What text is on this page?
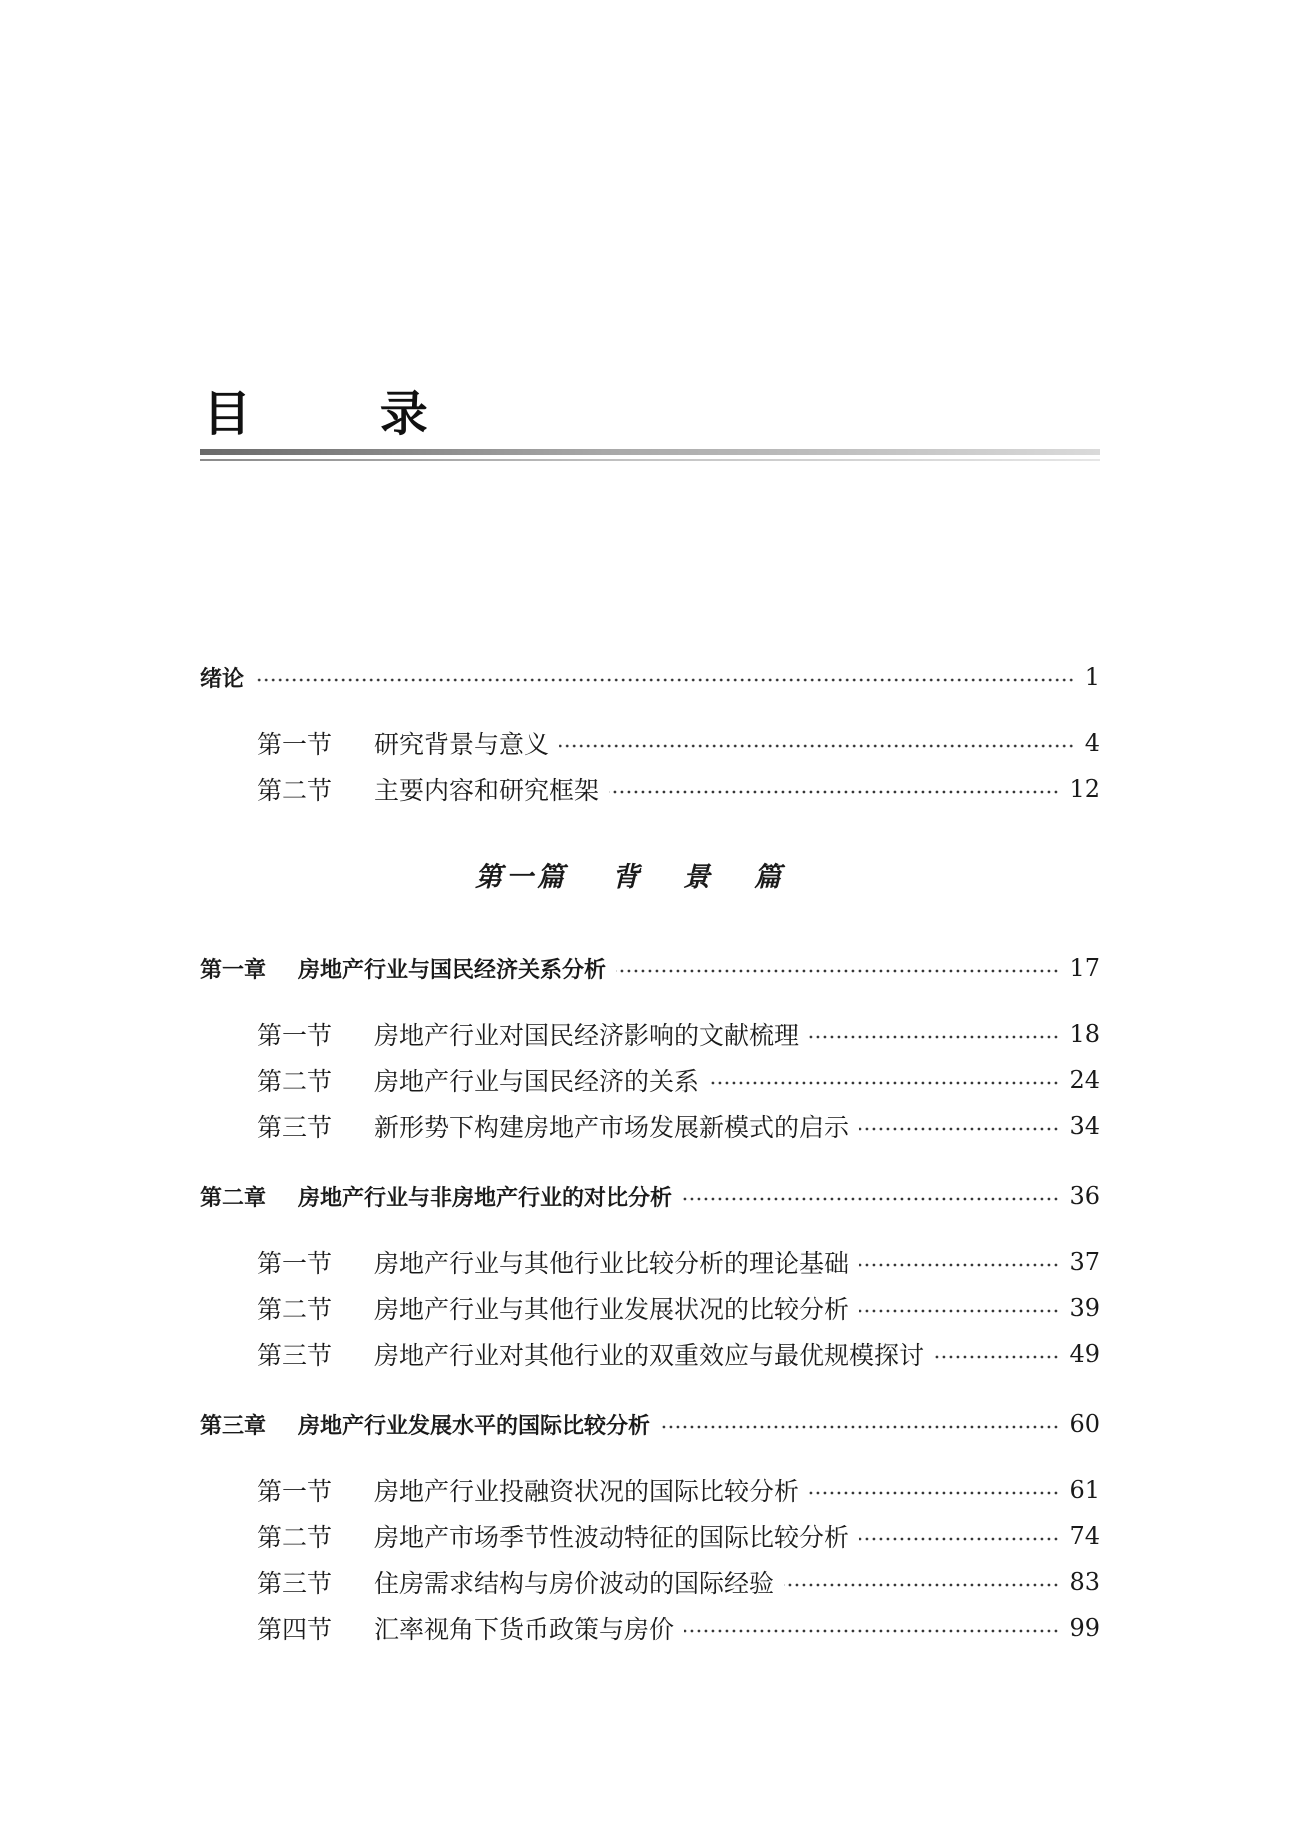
目 录
绪论	1
第一节 研究背景与意义	4
第二节 主要内容和研究框架	12
第一篇 背景篇
第一章 房地产行业与国民经济关系分析	17
第一节 房地产行业对国民经济影响的文献梳理	18
第二节 房地产行业与国民经济的关系	24
第三节 新形势下构建房地产市场发展新模式的启示	34
第二章 房地产行业与非房地产行业的对比分析	36
第一节 房地产行业与其他行业比较分析的理论基础	37
第二节 房地产行业与其他行业发展状况的比较分析	39
第三节 房地产行业对其他行业的双重效应与最优规模探讨	49
第三章 房地产行业发展水平的国际比较分析	60
第一节 房地产行业投融资状况的国际比较分析	61
第二节 房地产市场季节性波动特征的国际比较分析	74
第三节 住房需求结构与房价波动的国际经验	83
第四节 汇率视角下货币政策与房价	99
